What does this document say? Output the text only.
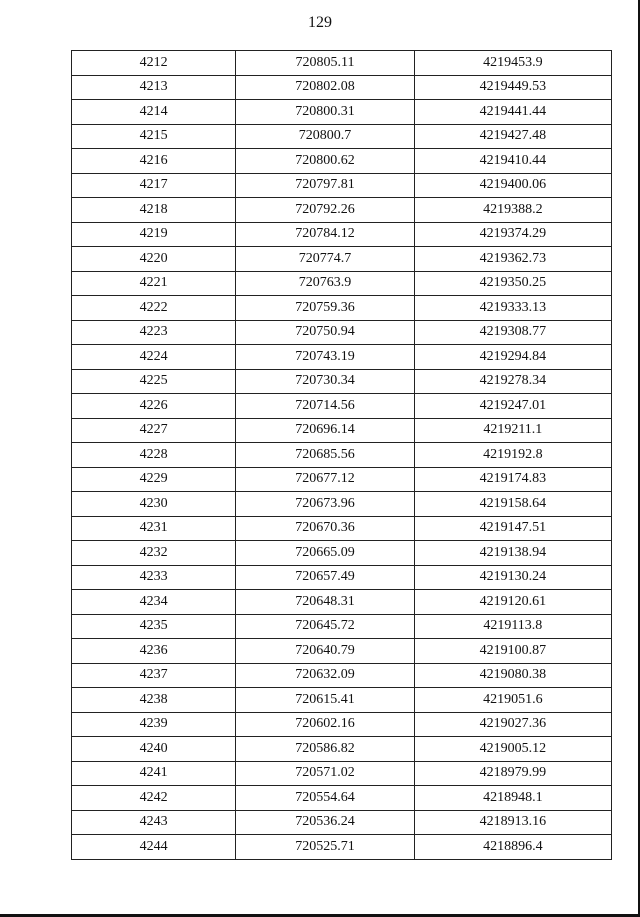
129
4212	720805.11	4219453.9
4213	720802.08	4219449.53
4214	720800.31	4219441.44
4215	720800.7	4219427.48
4216	720800.62	4219410.44
4217	720797.81	4219400.06
4218	720792.26	4219388.2
4219	720784.12	4219374.29
4220	720774.7	4219362.73
4221	720763.9	4219350.25
4222	720759.36	4219333.13
4223	720750.94	4219308.77
4224	720743.19	4219294.84
4225	720730.34	4219278.34
4226	720714.56	4219247.01
4227	720696.14	4219211.1
4228	720685.56	4219192.8
4229	720677.12	4219174.83
4230	720673.96	4219158.64
4231	720670.36	4219147.51
4232	720665.09	4219138.94
4233	720657.49	4219130.24
4234	720648.31	4219120.61
4235	720645.72	4219113.8
4236	720640.79	4219100.87
4237	720632.09	4219080.38
4238	720615.41	4219051.6
4239	720602.16	4219027.36
4240	720586.82	4219005.12
4241	720571.02	4218979.99
4242	720554.64	4218948.1
4243	720536.24	4218913.16
4244	720525.71	4218896.4
